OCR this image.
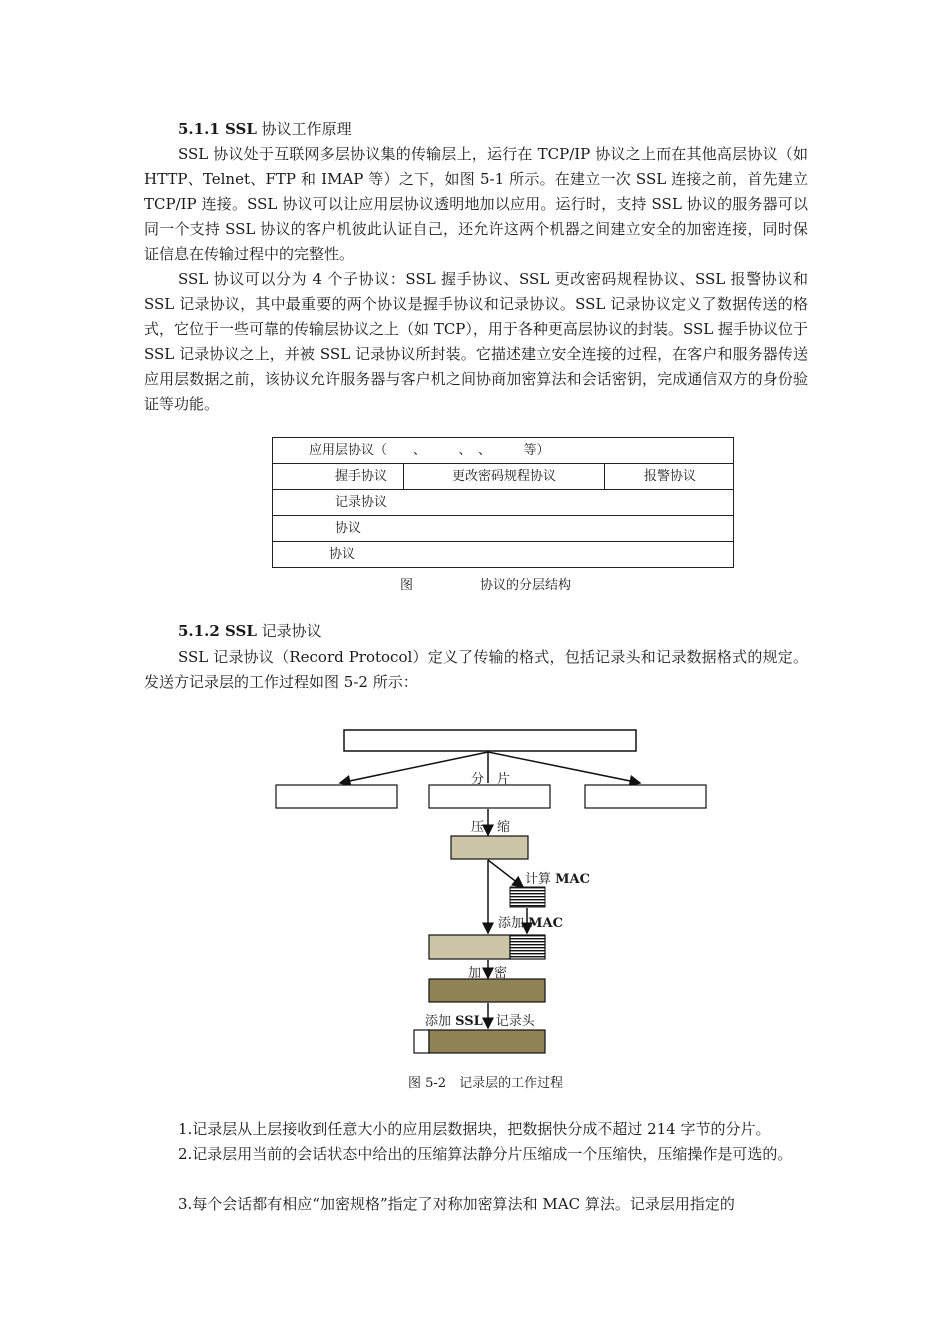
5.1.1 SSL 协议工作原理
SSL 协议处于互联网多层协议集的传输层上，运行在 TCP/IP 协议之上而在其他高层协议（如 HTTP、Telnet、FTP 和 IMAP 等）之下，如图 5-1 所示。在建立一次 SSL 连接之前，首先建立 TCP/IP 连接。SSL 协议可以让应用层协议透明地加以应用。运行时，支持 SSL 协议的服务器可以同一个支持 SSL 协议的客户机彼此认证自己，还允许这两个机器之间建立安全的加密连接，同时保证信息在传输过程中的完整性。
SSL 协议可以分为 4 个子协议：SSL 握手协议、SSL 更改密码规程协议、SSL 报警协议和 SSL 记录协议，其中最重要的两个协议是握手协议和记录协议。SSL 记录协议定义了数据传送的格式，它位于一些可靠的传输层协议之上（如 TCP），用于各种更高层协议的封装。SSL 握手协议位于 SSL 记录协议之上，并被 SSL 记录协议所封装。它描述建立安全连接的过程，在客户和服务器传送应用层数据之前，该协议允许服务器与客户机之间协商加密算法和会话密钥，完成通信双方的身份验证等功能。
应用层协议（　　、　　　、　、　　　等）
握手协议	更改密码规程协议	报警协议
记录协议
协议
协议
图	协议的分层结构
5.1.2 SSL 记录协议
SSL 记录协议（Record Protocol）定义了传输的格式，包括记录头和记录数据格式的规定。发送方记录层的工作过程如图 5-2 所示：
分　片
压　缩
计算 MAC
添加 MAC
加　密
添加 SSL　记录头
图 5-2　记录层的工作过程
1.记录层从上层接收到任意大小的应用层数据块，把数据快分成不超过 214 字节的分片。
2.记录层用当前的会话状态中给出的压缩算法静分片压缩成一个压缩快，压缩操作是可选的。
3.每个会话都有相应“加密规格”指定了对称加密算法和 MAC 算法。记录层用指定的
